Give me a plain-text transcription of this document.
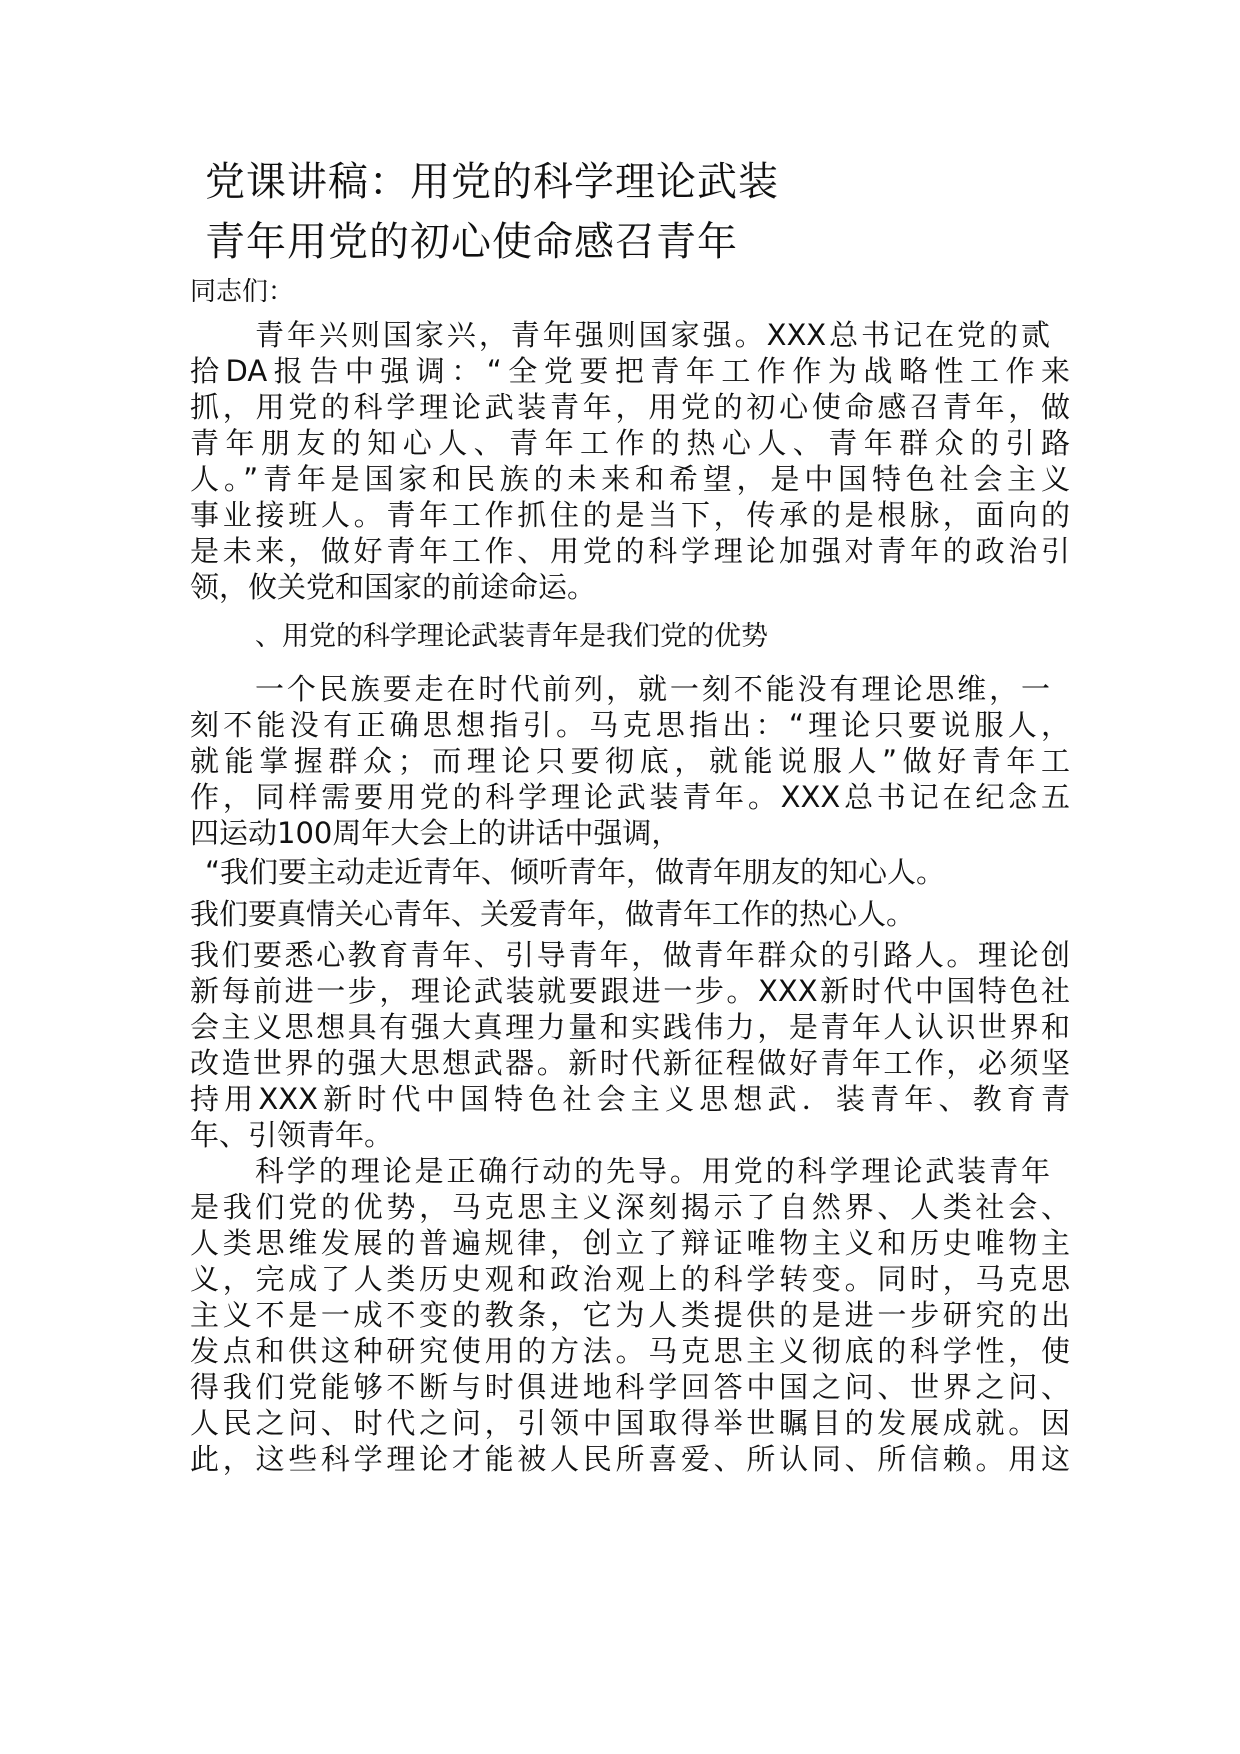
党课讲稿：用党的科学理论武装
青年用党的初心使命感召青年
同志们：
青年兴则国家兴，青年强则国家强。XXX总书记在党的贰
拾DA报告中强调：“全党要把青年工作作为战略性工作来
抓，用党的科学理论武装青年，用党的初心使命感召青年，做
青年朋友的知心人、青年工作的热心人、青年群众的引路
人。”青年是国家和民族的未来和希望，是中国特色社会主义
事业接班人。青年工作抓住的是当下，传承的是根脉，面向的
是未来，做好青年工作、用党的科学理论加强对青年的政治引
领，攸关党和国家的前途命运。
、用党的科学理论武装青年是我们党的优势
一个民族要走在时代前列，就一刻不能没有理论思维，一
刻不能没有正确思想指引。马克思指出：“理论只要说服人，
就能掌握群众；而理论只要彻底，就能说服人”做好青年工
作，同样需要用党的科学理论武装青年。XXX总书记在纪念五
四运动100周年大会上的讲话中强调，
“我们要主动走近青年、倾听青年，做青年朋友的知心人。
我们要真情关心青年、关爱青年，做青年工作的热心人。
我们要悉心教育青年、引导青年，做青年群众的引路人。理论创
新每前进一步，理论武装就要跟进一步。XXX新时代中国特色社
会主义思想具有强大真理力量和实践伟力，是青年人认识世界和
改造世界的强大思想武器。新时代新征程做好青年工作，必须坚
持用XXX新时代中国特色社会主义思想武．装青年、教育青
年、引领青年。
科学的理论是正确行动的先导。用党的科学理论武装青年
是我们党的优势，马克思主义深刻揭示了自然界、人类社会、
人类思维发展的普遍规律，创立了辩证唯物主义和历史唯物主
义，完成了人类历史观和政治观上的科学转变。同时，马克思
主义不是一成不变的教条，它为人类提供的是进一步研究的出
发点和供这种研究使用的方法。马克思主义彻底的科学性，使
得我们党能够不断与时俱进地科学回答中国之问、世界之问、
人民之问、时代之问，引领中国取得举世瞩目的发展成就。因
此，这些科学理论才能被人民所喜爱、所认同、所信赖。用这
